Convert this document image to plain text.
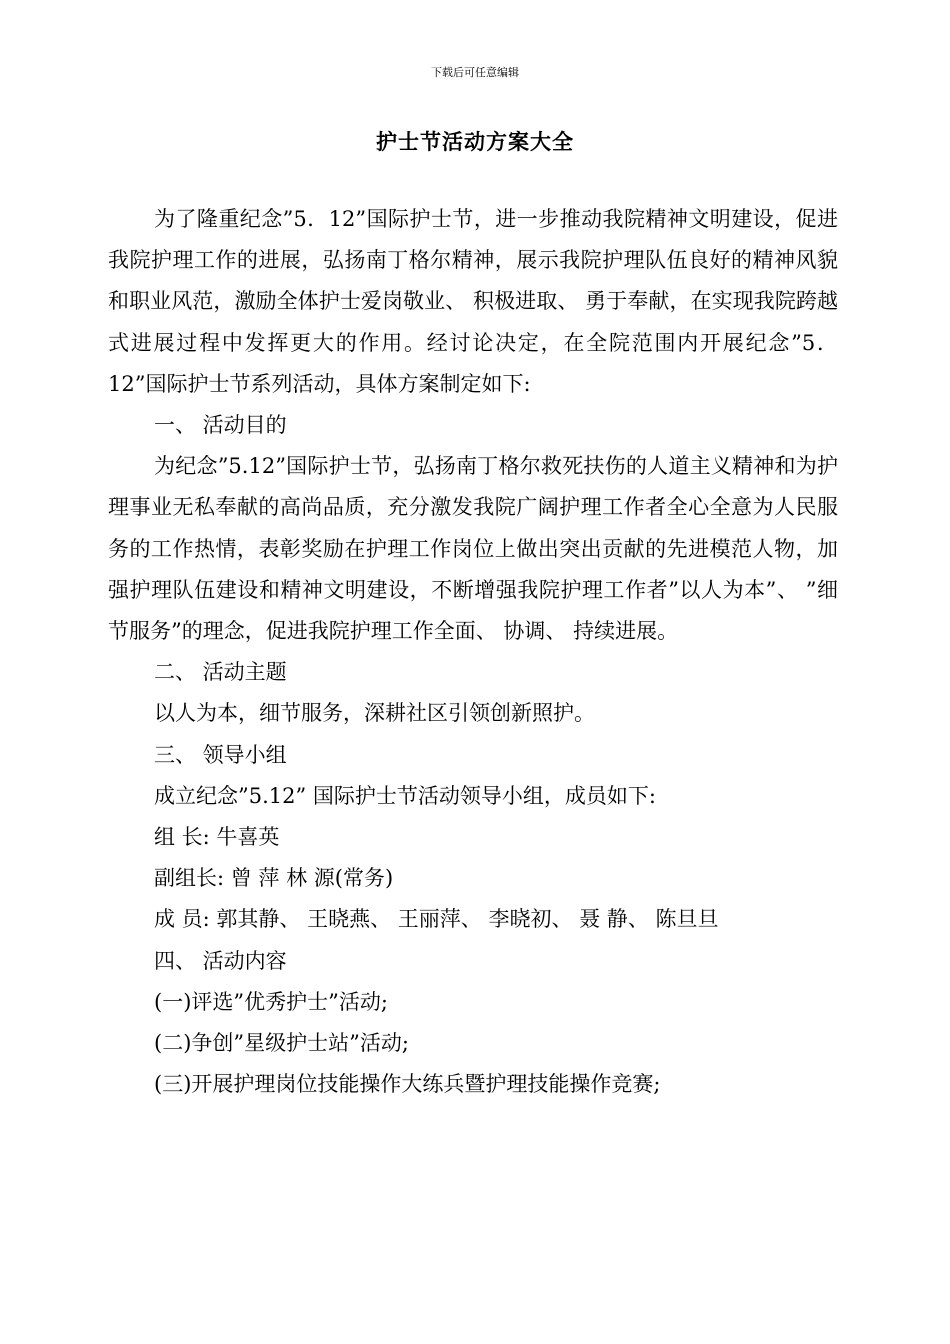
下载后可任意编辑
护士节活动方案大全

为了隆重纪念”5．12”国际护士节，进一步推动我院精神文明建设，促进我院护理工作的进展，弘扬南丁格尔精神，展示我院护理队伍良好的精神风貌和职业风范，激励全体护士爱岗敬业、 积极进取、 勇于奉献，在实现我院跨越式进展过程中发挥更大的作用。经讨论决定，在全院范围内开展纪念”5．12”国际护士节系列活动，具体方案制定如下:

一、 活动目的

为纪念”5.12”国际护士节，弘扬南丁格尔救死扶伤的人道主义精神和为护理事业无私奉献的高尚品质，充分激发我院广阔护理工作者全心全意为人民服务的工作热情，表彰奖励在护理工作岗位上做出突出贡献的先进模范人物，加强护理队伍建设和精神文明建设，不断增强我院护理工作者”以人为本”、 ”细节服务”的理念，促进我院护理工作全面、 协调、 持续进展。

二、 活动主题

以人为本，细节服务，深耕社区引领创新照护。

三、 领导小组

成立纪念”5.12” 国际护士节活动领导小组，成员如下:

组 长: 牛喜英

副组长: 曾 萍 林 源(常务)

成 员: 郭其静、 王晓燕、 王丽萍、 李晓初、 聂 静、 陈旦旦

四、 活动内容

(一)评选”优秀护士”活动;

(二)争创”星级护士站”活动;

(三)开展护理岗位技能操作大练兵暨护理技能操作竞赛;
